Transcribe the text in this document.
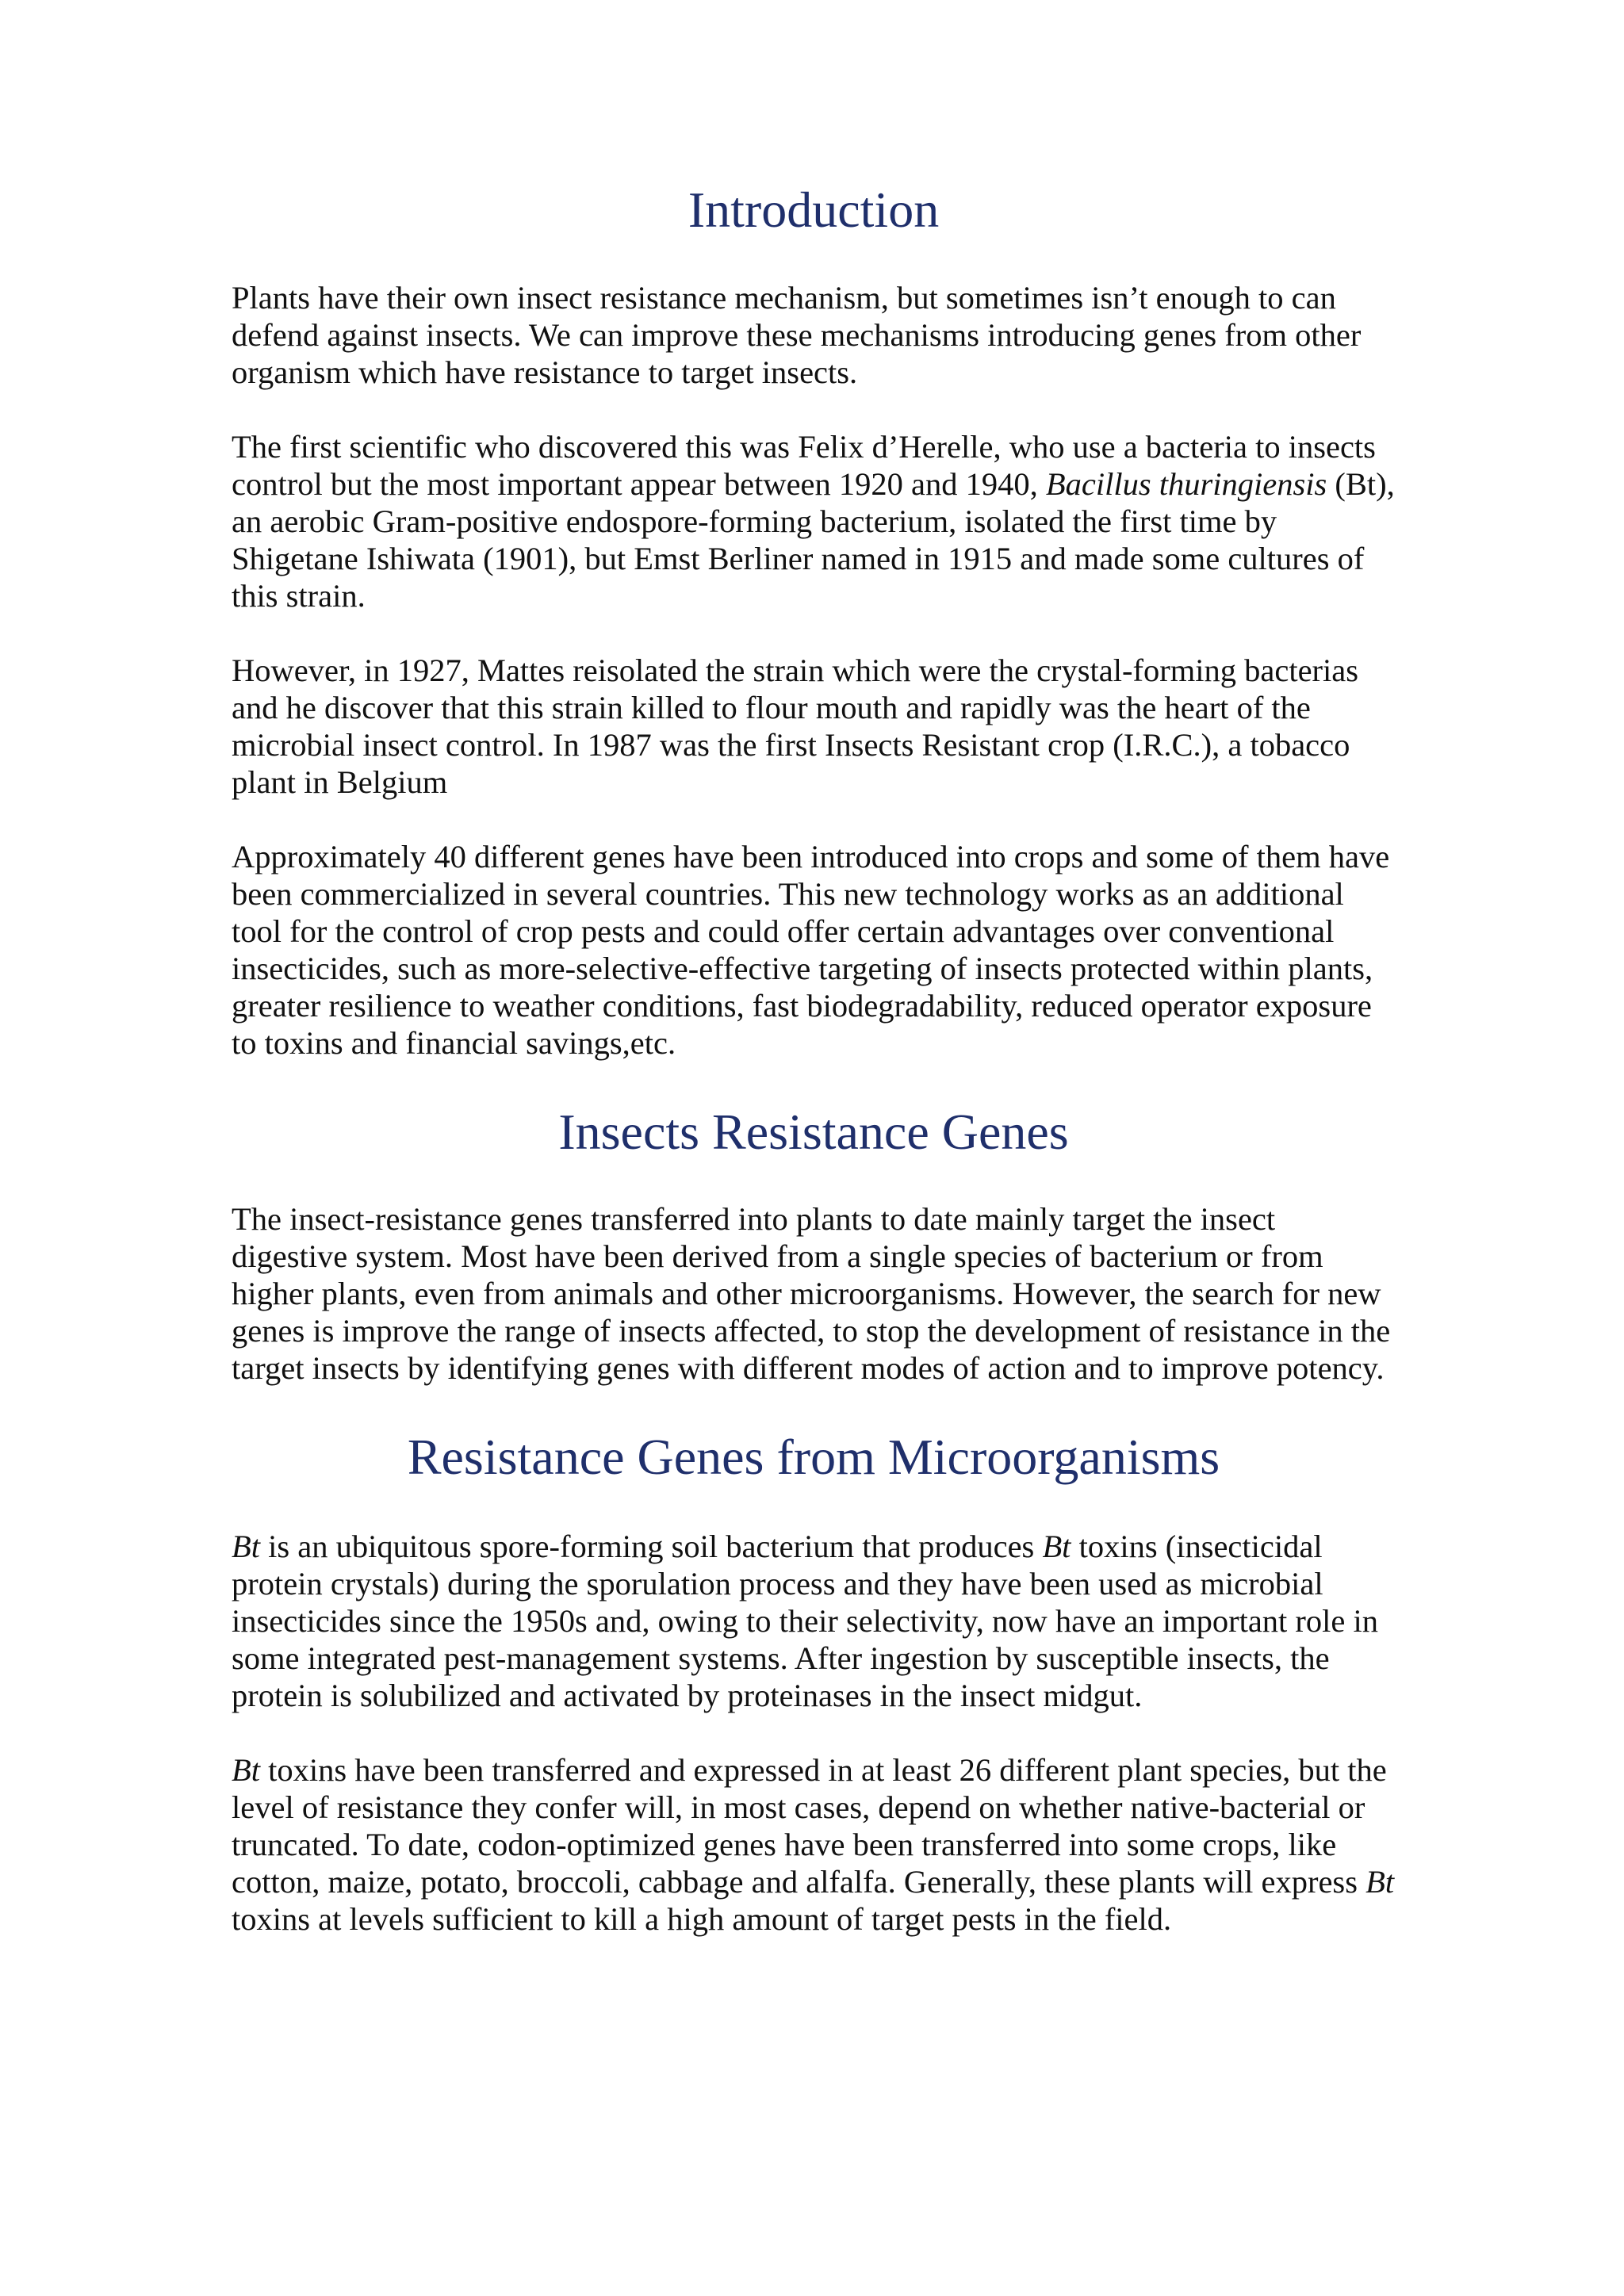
Introduction

Plants have their own insect resistance mechanism, but sometimes isn’t enough to can defend against insects. We can improve these mechanisms introducing genes from other organism which have resistance to target insects.

The first scientific who discovered this was Felix d’Herelle, who use a bacteria to insects control but the most important appear between 1920 and 1940, Bacillus thuringiensis (Bt), an aerobic Gram-positive endospore-forming bacterium, isolated the first time by Shigetane Ishiwata (1901), but Emst Berliner named in 1915 and made some cultures of this strain.

However, in 1927, Mattes reisolated the strain which were the crystal-forming bacterias and he discover that this strain killed to flour mouth and rapidly was the heart of the microbial insect control. In 1987 was the first Insects Resistant crop (I.R.C.), a tobacco plant in Belgium

Approximately 40 different genes have been introduced into crops and some of them have been commercialized in several countries. This new technology works as an additional tool for the control of crop pests and could offer certain advantages over conventional insecticides, such as more-selective-effective targeting of insects protected within plants, greater resilience to weather conditions, fast biodegradability, reduced operator exposure to toxins and financial savings,etc.

Insects Resistance Genes

The insect-resistance genes transferred into plants to date mainly target the insect digestive system. Most have been derived from a single species of bacterium or from higher plants, even from animals and other microorganisms. However, the search for new genes is improve the range of insects affected, to stop the development of resistance in the target insects by identifying genes with different modes of action and to improve potency.

Resistance Genes from Microorganisms

Bt is an ubiquitous spore-forming soil bacterium that produces Bt toxins (insecticidal protein crystals) during the sporulation process and they have been used as microbial insecticides since the 1950s and, owing to their selectivity, now have an important role in some integrated pest-management systems. After ingestion by susceptible insects, the protein is solubilized and activated by proteinases in the insect midgut.

Bt toxins have been transferred and expressed in at least 26 different plant species, but the level of resistance they confer will, in most cases, depend on whether native-bacterial or truncated. To date, codon-optimized genes have been transferred into some crops, like cotton, maize, potato, broccoli, cabbage and alfalfa. Generally, these plants will express Bt toxins at levels sufficient to kill a high amount of target pests in the field.
